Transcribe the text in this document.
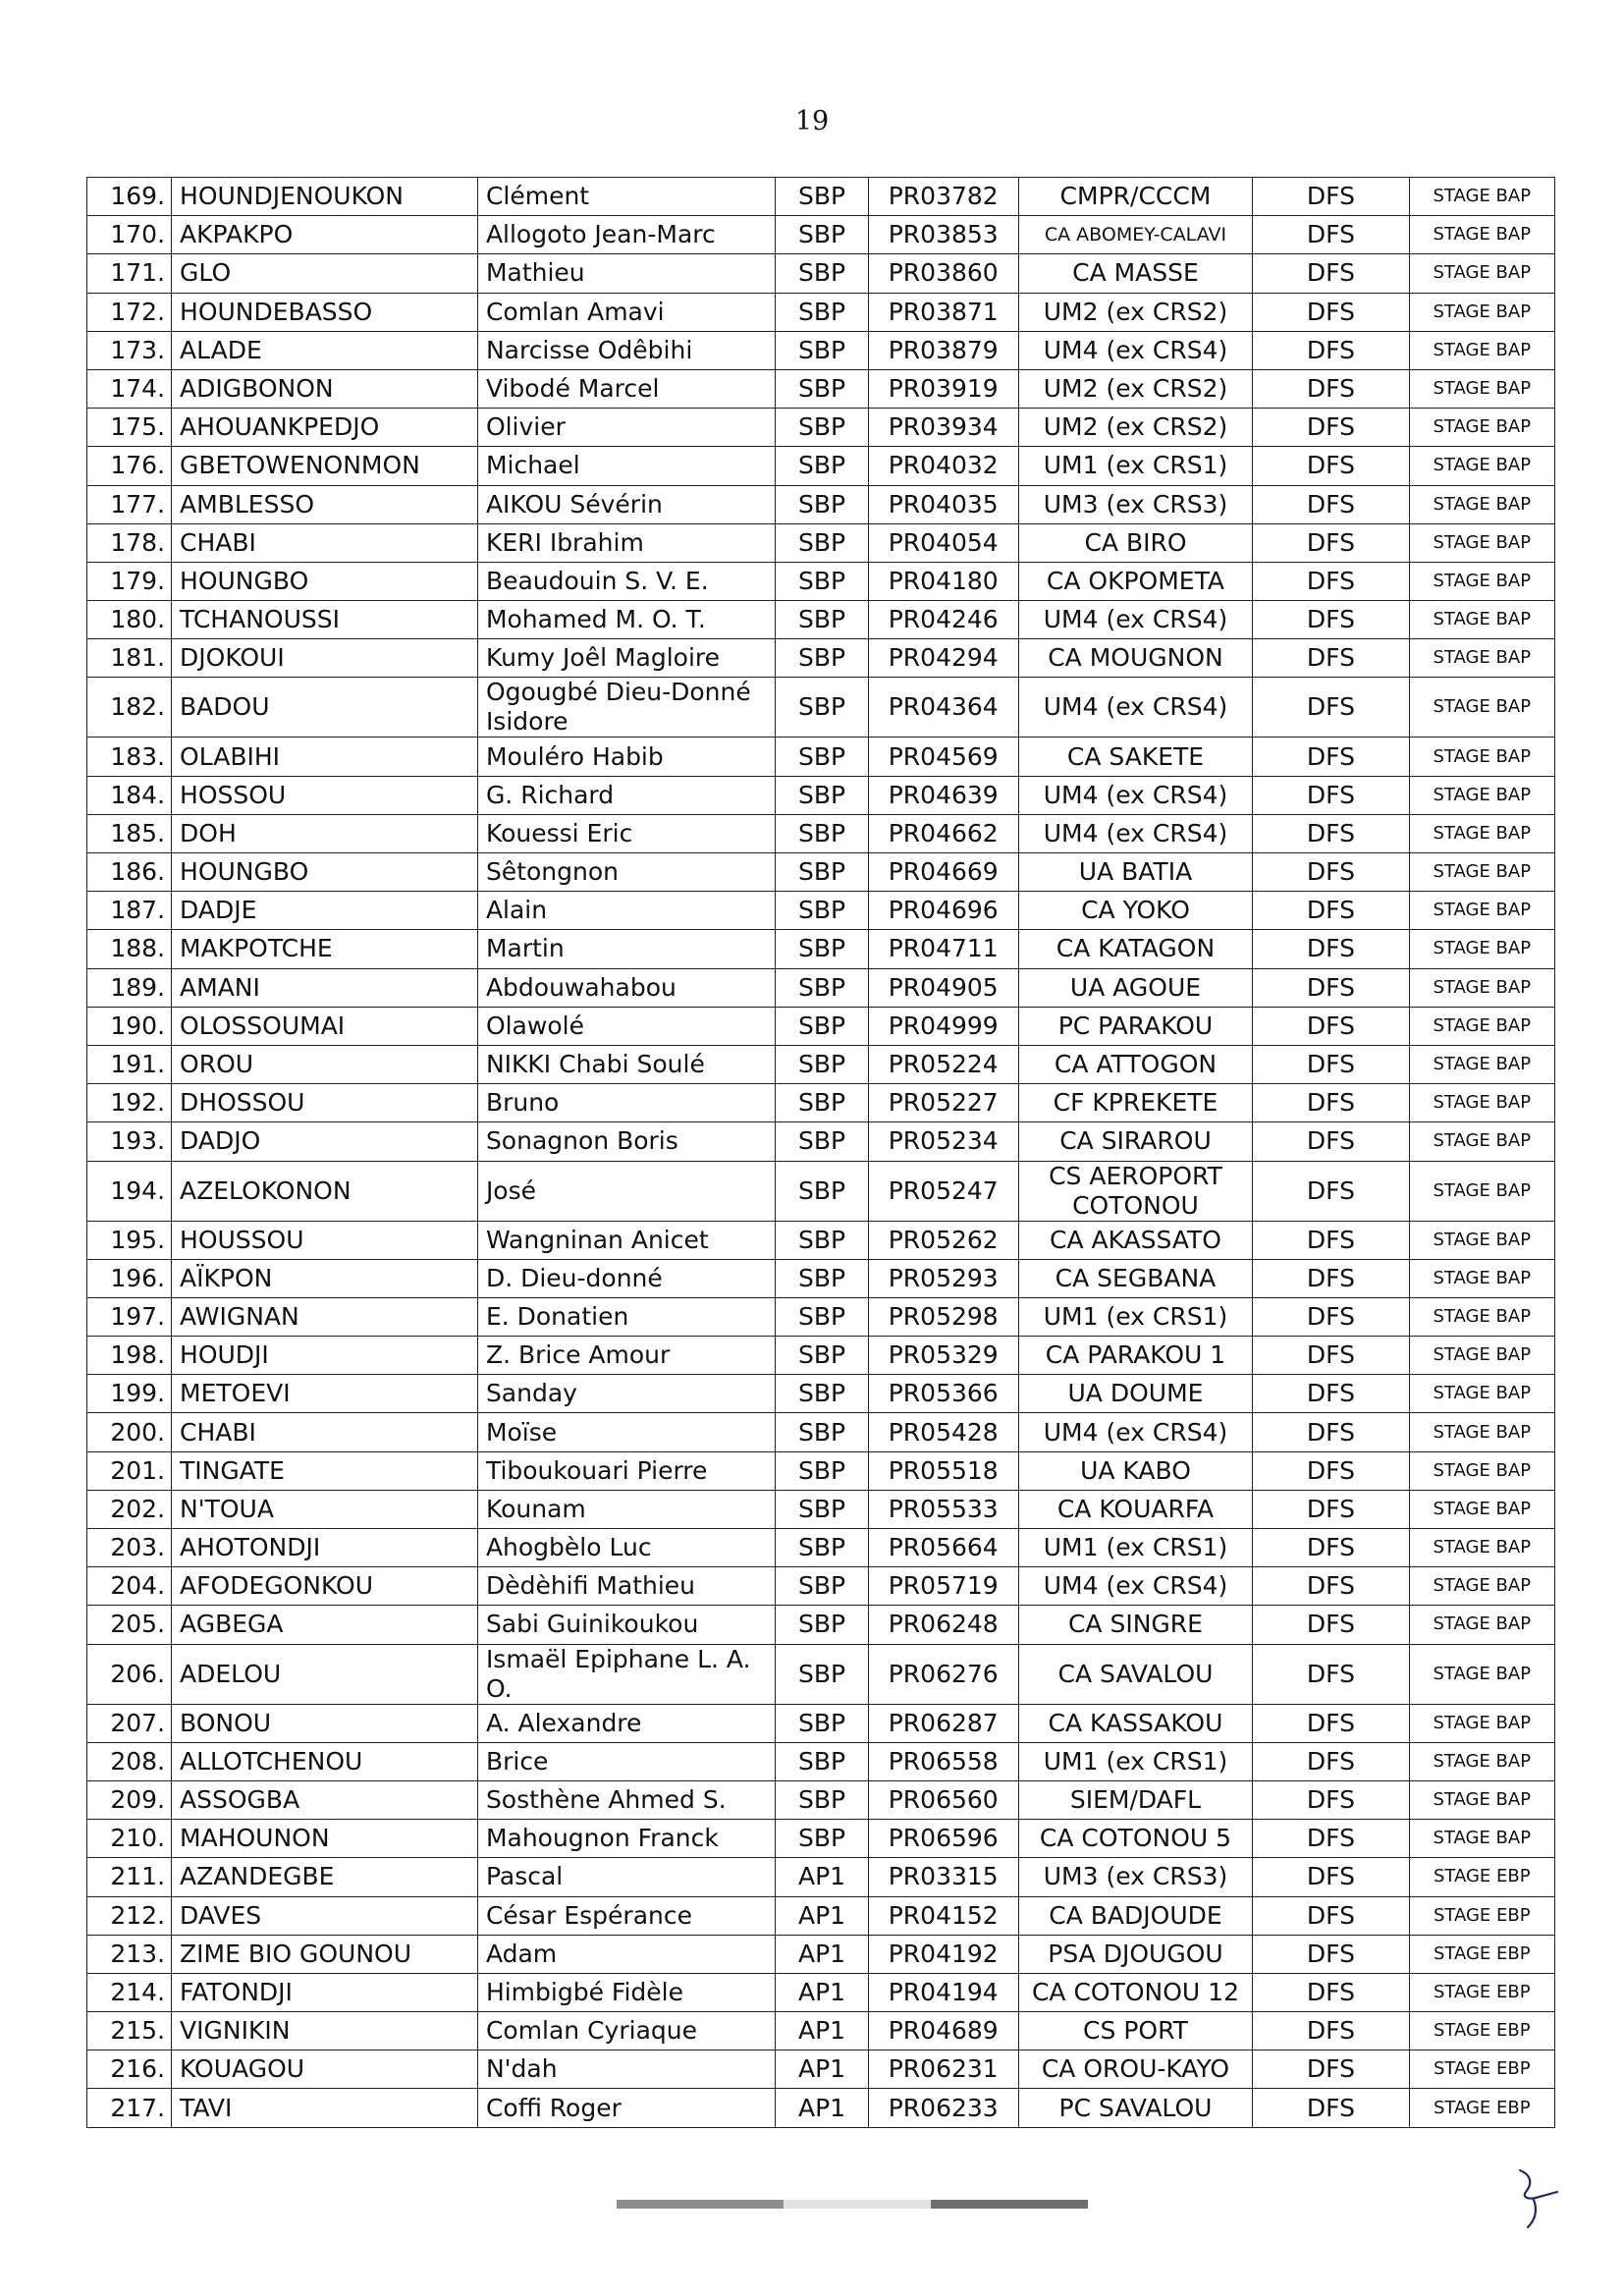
19
169.	HOUNDJENOUKON	Clément	SBP	PR03782	CMPR/CCCM	DFS	STAGE BAP
170.	AKPAKPO	Allogoto Jean-Marc	SBP	PR03853	CA ABOMEY-CALAVI	DFS	STAGE BAP
171.	GLO	Mathieu	SBP	PR03860	CA MASSE	DFS	STAGE BAP
172.	HOUNDEBASSO	Comlan Amavi	SBP	PR03871	UM2 (ex CRS2)	DFS	STAGE BAP
173.	ALADE	Narcisse Odêbihi	SBP	PR03879	UM4 (ex CRS4)	DFS	STAGE BAP
174.	ADIGBONON	Vibodé Marcel	SBP	PR03919	UM2 (ex CRS2)	DFS	STAGE BAP
175.	AHOUANKPEDJO	Olivier	SBP	PR03934	UM2 (ex CRS2)	DFS	STAGE BAP
176.	GBETOWENONMON	Michael	SBP	PR04032	UM1 (ex CRS1)	DFS	STAGE BAP
177.	AMBLESSO	AIKOU Sévérin	SBP	PR04035	UM3 (ex CRS3)	DFS	STAGE BAP
178.	CHABI	KERI Ibrahim	SBP	PR04054	CA BIRO	DFS	STAGE BAP
179.	HOUNGBO	Beaudouin S. V. E.	SBP	PR04180	CA OKPOMETA	DFS	STAGE BAP
180.	TCHANOUSSI	Mohamed M. O. T.	SBP	PR04246	UM4 (ex CRS4)	DFS	STAGE BAP
181.	DJOKOUI	Kumy Joêl Magloire	SBP	PR04294	CA MOUGNON	DFS	STAGE BAP
182.	BADOU	Ogougbé Dieu-Donné Isidore	SBP	PR04364	UM4 (ex CRS4)	DFS	STAGE BAP
183.	OLABIHI	Mouléro Habib	SBP	PR04569	CA SAKETE	DFS	STAGE BAP
184.	HOSSOU	G. Richard	SBP	PR04639	UM4 (ex CRS4)	DFS	STAGE BAP
185.	DOH	Kouessi Eric	SBP	PR04662	UM4 (ex CRS4)	DFS	STAGE BAP
186.	HOUNGBO	Sêtongnon	SBP	PR04669	UA BATIA	DFS	STAGE BAP
187.	DADJE	Alain	SBP	PR04696	CA YOKO	DFS	STAGE BAP
188.	MAKPOTCHE	Martin	SBP	PR04711	CA KATAGON	DFS	STAGE BAP
189.	AMANI	Abdouwahabou	SBP	PR04905	UA AGOUE	DFS	STAGE BAP
190.	OLOSSOUMAI	Olawolé	SBP	PR04999	PC PARAKOU	DFS	STAGE BAP
191.	OROU	NIKKI Chabi Soulé	SBP	PR05224	CA ATTOGON	DFS	STAGE BAP
192.	DHOSSOU	Bruno	SBP	PR05227	CF KPREKETE	DFS	STAGE BAP
193.	DADJO	Sonagnon Boris	SBP	PR05234	CA SIRAROU	DFS	STAGE BAP
194.	AZELOKONON	José	SBP	PR05247	CS AEROPORT COTONOU	DFS	STAGE BAP
195.	HOUSSOU	Wangninan Anicet	SBP	PR05262	CA AKASSATO	DFS	STAGE BAP
196.	AÏKPON	D. Dieu-donné	SBP	PR05293	CA SEGBANA	DFS	STAGE BAP
197.	AWIGNAN	E. Donatien	SBP	PR05298	UM1 (ex CRS1)	DFS	STAGE BAP
198.	HOUDJI	Z. Brice Amour	SBP	PR05329	CA PARAKOU 1	DFS	STAGE BAP
199.	METOEVI	Sanday	SBP	PR05366	UA DOUME	DFS	STAGE BAP
200.	CHABI	Moïse	SBP	PR05428	UM4 (ex CRS4)	DFS	STAGE BAP
201.	TINGATE	Tiboukouari Pierre	SBP	PR05518	UA KABO	DFS	STAGE BAP
202.	N'TOUA	Kounam	SBP	PR05533	CA KOUARFA	DFS	STAGE BAP
203.	AHOTONDJI	Ahogbèlo Luc	SBP	PR05664	UM1 (ex CRS1)	DFS	STAGE BAP
204.	AFODEGONKOU	Dèdèhifi Mathieu	SBP	PR05719	UM4 (ex CRS4)	DFS	STAGE BAP
205.	AGBEGA	Sabi Guinikoukou	SBP	PR06248	CA SINGRE	DFS	STAGE BAP
206.	ADELOU	Ismaël Epiphane L. A. O.	SBP	PR06276	CA SAVALOU	DFS	STAGE BAP
207.	BONOU	A. Alexandre	SBP	PR06287	CA KASSAKOU	DFS	STAGE BAP
208.	ALLOTCHENOU	Brice	SBP	PR06558	UM1 (ex CRS1)	DFS	STAGE BAP
209.	ASSOGBA	Sosthène Ahmed S.	SBP	PR06560	SIEM/DAFL	DFS	STAGE BAP
210.	MAHOUNON	Mahougnon Franck	SBP	PR06596	CA COTONOU 5	DFS	STAGE BAP
211.	AZANDEGBE	Pascal	AP1	PR03315	UM3 (ex CRS3)	DFS	STAGE EBP
212.	DAVES	César Espérance	AP1	PR04152	CA BADJOUDE	DFS	STAGE EBP
213.	ZIME BIO GOUNOU	Adam	AP1	PR04192	PSA DJOUGOU	DFS	STAGE EBP
214.	FATONDJI	Himbigbé Fidèle	AP1	PR04194	CA COTONOU 12	DFS	STAGE EBP
215.	VIGNIKIN	Comlan Cyriaque	AP1	PR04689	CS PORT	DFS	STAGE EBP
216.	KOUAGOU	N'dah	AP1	PR06231	CA OROU-KAYO	DFS	STAGE EBP
217.	TAVI	Coffi Roger	AP1	PR06233	PC SAVALOU	DFS	STAGE EBP
